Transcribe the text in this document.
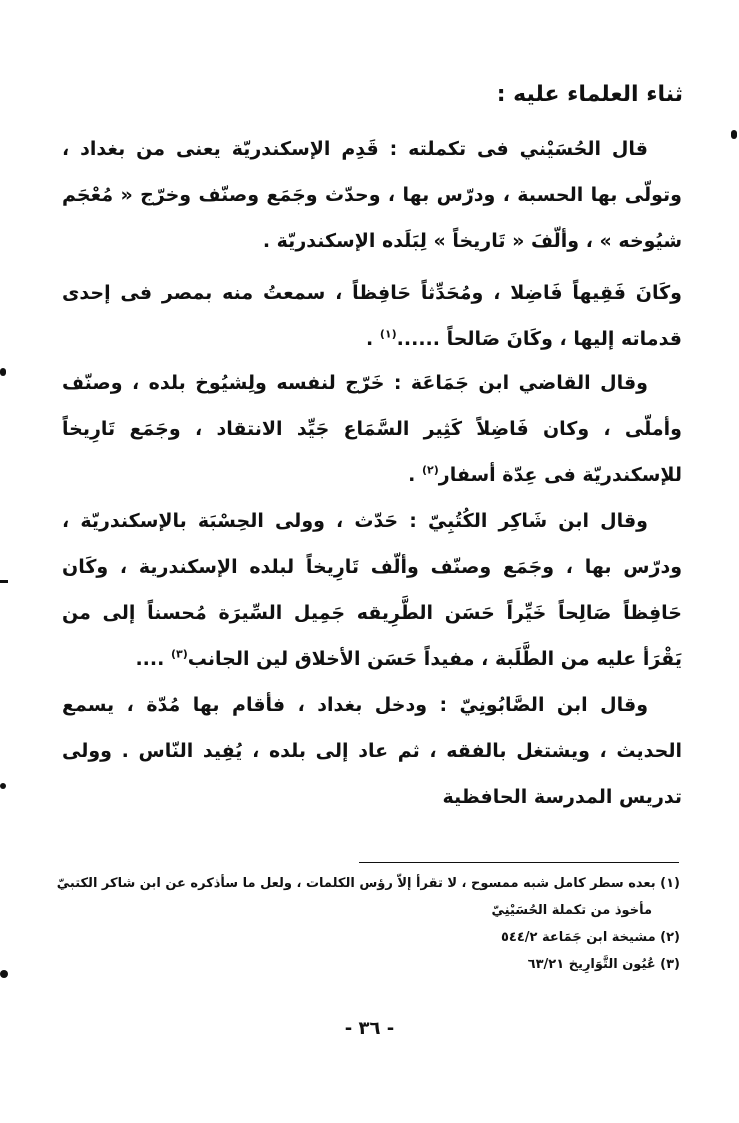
ثناء العلماء عليه :

قال الحُسَيْني فى تكملته : قَدِم الإسكندريّة يعنى من بغداد ، وتولّى بها الحسبة ، ودرّس بها ، وحدّث وجَمَع وصنّف وخرّج « مُعْجَم شيُوخه » ، وألّفَ « تَاريخاً » لِبَلَده الإسكندريّة .

وكَانَ فَقِيهاً فَاضِلا ، ومُحَدِّثاً حَافِظاً ، سمعتُ منه بمصر فى إحدى قدماته إليها ، وكَانَ صَالحاً ......$^{(١)}$ .

وقال القاضي ابن جَمَاعَة : خَرّج لنفسه ولِشيُوخ بلده ، وصنّف وأملّى ، وكان فَاضِلاً كَثِير السَّمَاع جَيِّد الانتقاد ، وجَمَع تَارِيخاً للإسكندريّة فى عِدّة أسفار$^{(٢)}$ .

وقال ابن شَاكِر الكُتُبِيّ : حَدّث ، وولى الحِسْبَة بالإسكندريّة ، ودرّس بها ، وجَمَع وصنّف وألّف تَارِيخاً لبلده الإسكندرية ، وكَان حَافِظاً صَالِحاً خَيِّراً حَسَن الطَّرِيقه جَمِيل السِّيرَة مُحسناً إلى من يَقْرَأ عليه من الطَّلَبة ، مفيداً حَسَن الأخلاق لين الجانب$^{(٣)}$ ....

وقال ابن الصَّابُونِيّ : ودخل بغداد ، فأقام بها مُدّة ، يسمع الحديث ، ويشتغل بالفقه ، ثم عاد إلى بلده ، يُفِيد النّاس . وولى تدريس المدرسة الحافظية

(١) بعده سطر كامل شبه ممسوح ، لا تقرأ إلاّ رؤس الكلمات ، ولعل ما سأذكره عن ابن شاكر الكتبيّ

مأخوذ من تكملة الحُسَيْنِيّ

(٢) مشيخة ابن جَمَاعة ٥٤٤/٢

(٣) عُيُون التَّوَارِيخ ٦٣/٢١

- ٣٦ -
